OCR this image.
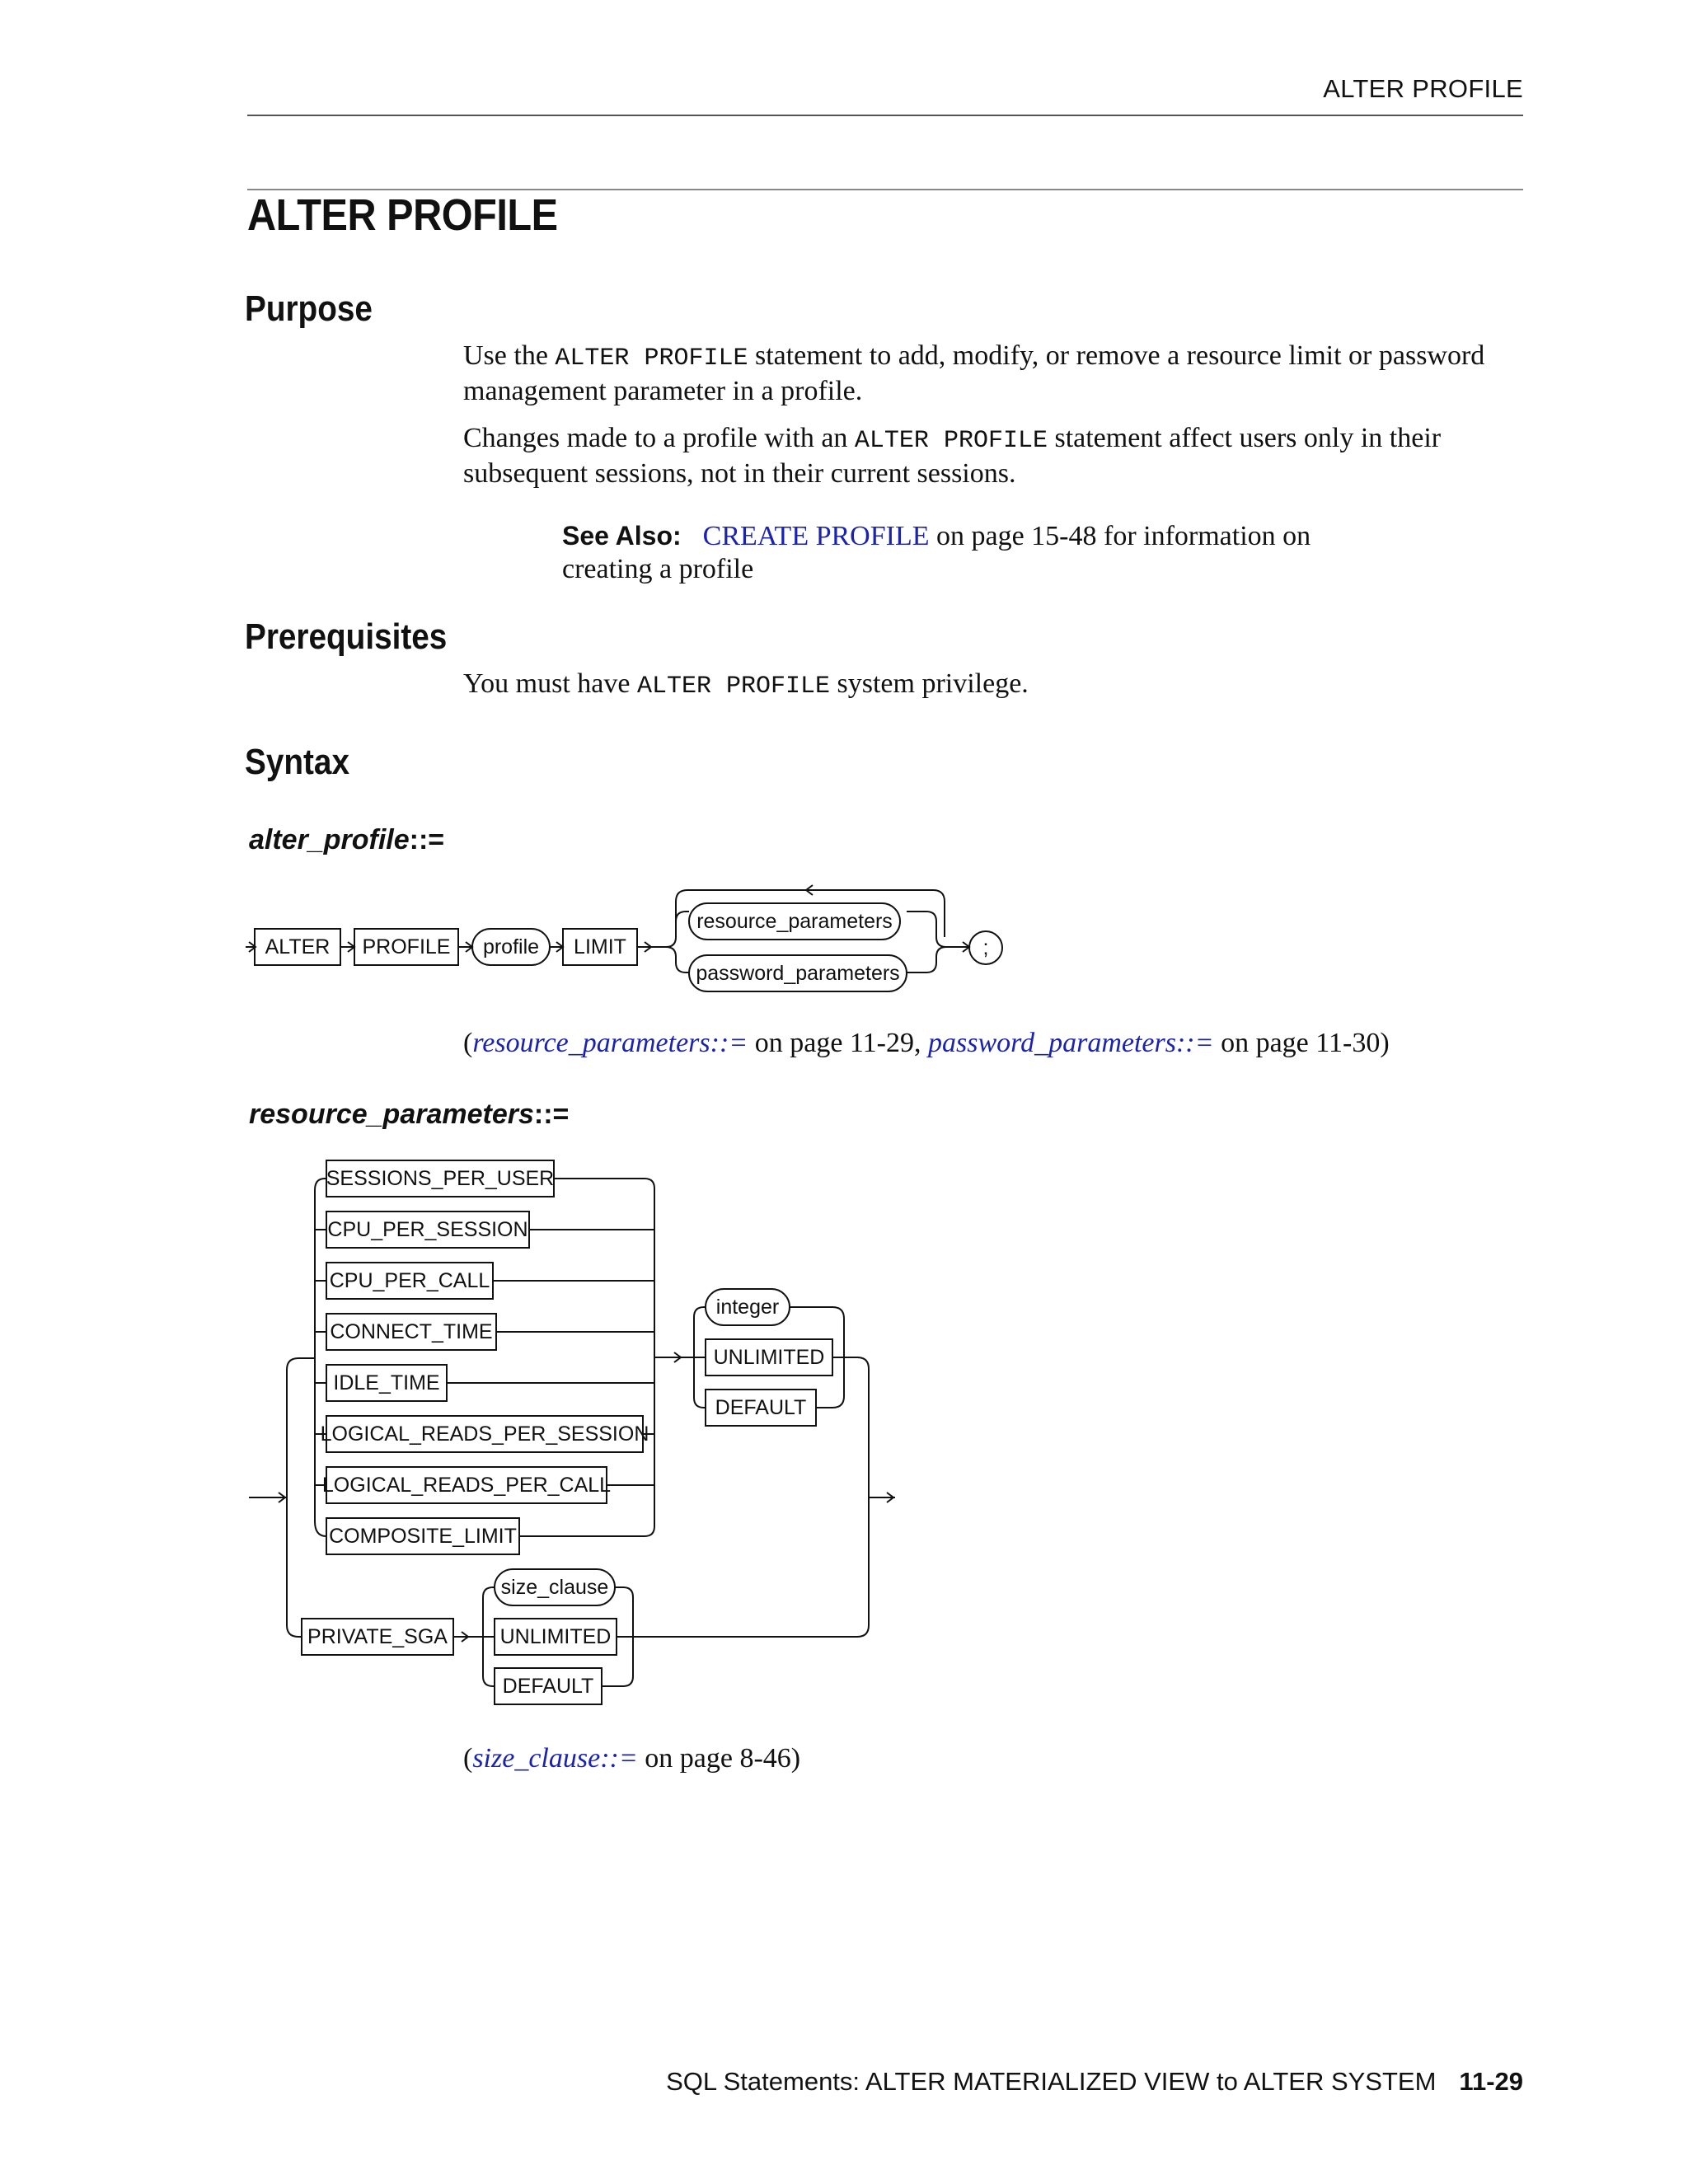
ALTER PROFILE
ALTER PROFILE
Purpose
Use the ALTER PROFILE statement to add, modify, or remove a resource limit or password management parameter in a profile.
Changes made to a profile with an ALTER PROFILE statement affect users only in their subsequent sessions, not in their current sessions.
See Also: CREATE PROFILE on page 15-48 for information on creating a profile
Prerequisites
You must have ALTER PROFILE system privilege.
Syntax
alter_profile::=
ALTER PROFILE profile LIMIT
resource_parameters
password_parameters
;
SESSIONS_PER_USER
CPU_PER_SESSION
CPU_PER_CALL
CONNECT_TIME
IDLE_TIME
LOGICAL_READS_PER_SESSION
LOGICAL_READS_PER_CALL
COMPOSITE_LIMIT
integer
UNLIMITED
DEFAULT
PRIVATE_SGA
size_clause
UNLIMITED
DEFAULT
(resource_parameters::= on page 11-29, password_parameters::= on page 11-30)
resource_parameters::=
(size_clause::= on page 8-46)
SQL Statements: ALTER MATERIALIZED VIEW to ALTER SYSTEM 11-29
